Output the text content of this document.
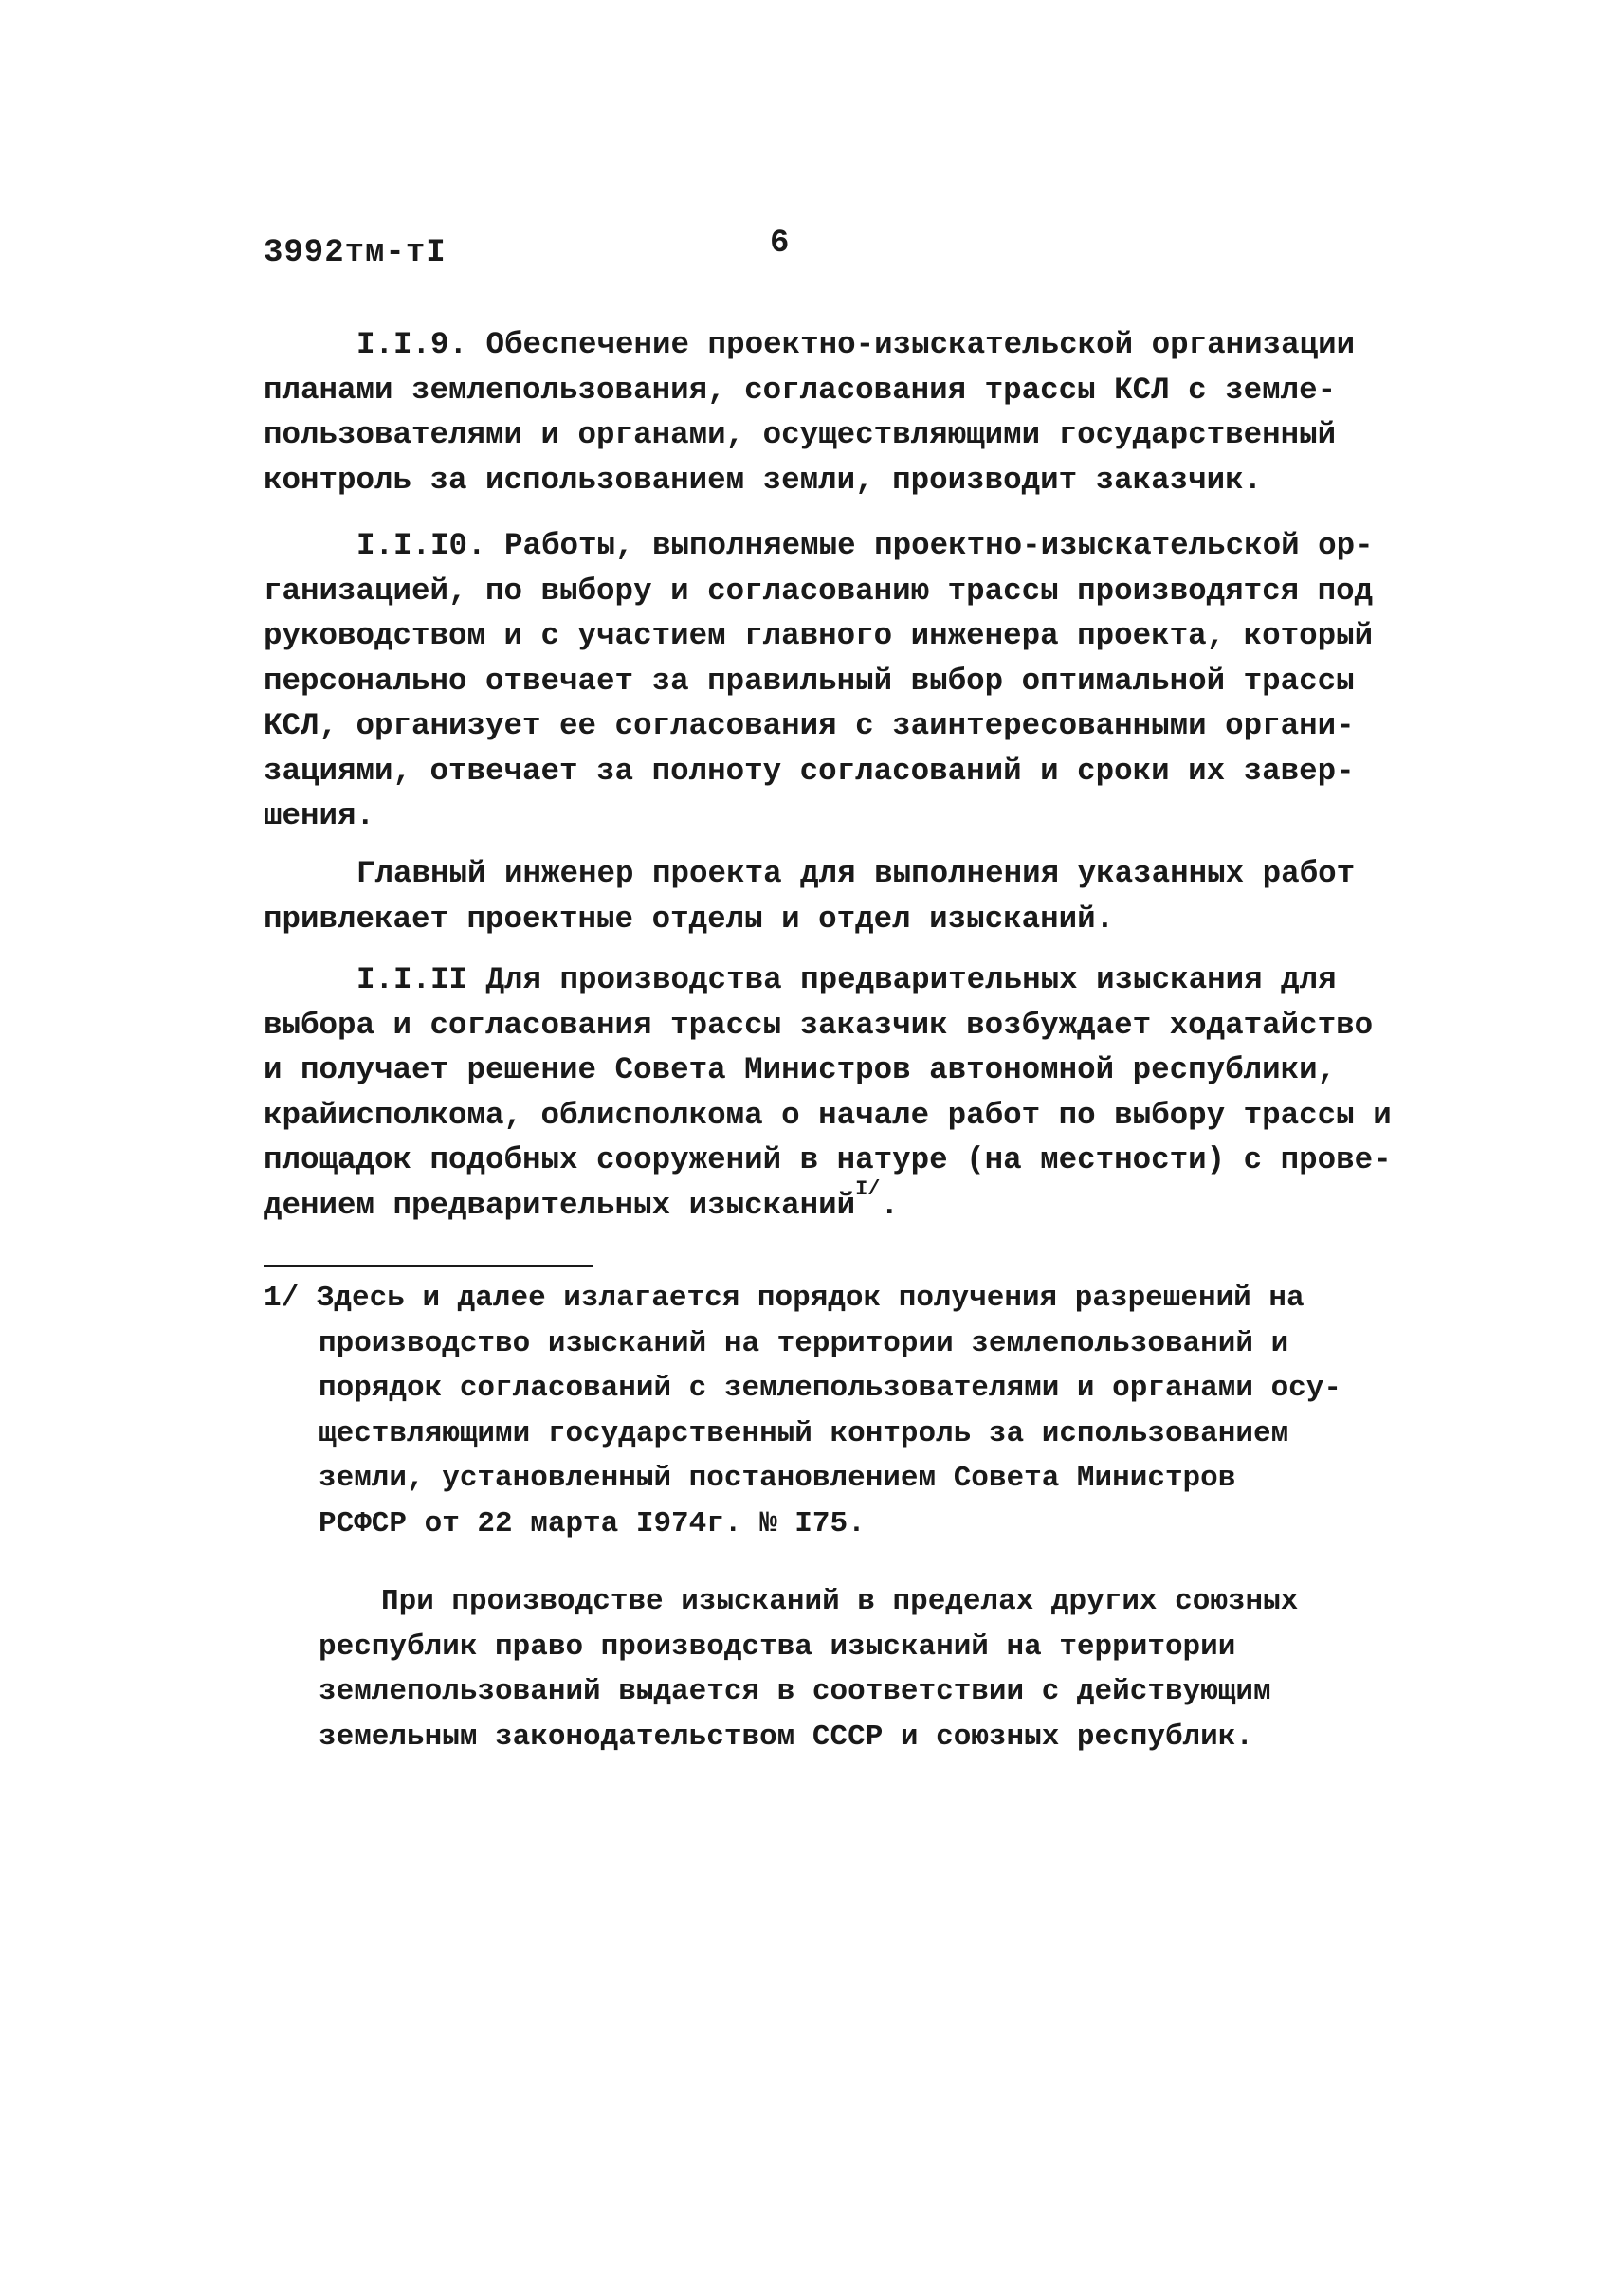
3992тм-тI	6
I.I.9. Обеспечение проектно-изыскательской организации
планами землепользования, согласования трассы КСЛ с земле-
пользователями и органами, осуществляющими государственный
контроль за использованием земли, производит заказчик.
I.I.I0. Работы, выполняемые проектно-изыскательской ор-
ганизацией, по выбору и согласованию трассы производятся под
руководством и с участием главного инженера проекта, который
персонально отвечает за правильный выбор оптимальной трассы
КСЛ, организует ее согласования с заинтересованными органи-
зациями, отвечает за полноту согласований и сроки их завер-
шения.
Главный инженер проекта для выполнения указанных работ
привлекает проектные отделы и отдел изысканий.
I.I.II Для производства предварительных изыскания для
выбора и согласования трассы заказчик возбуждает ходатайство
и получает решение Совета Министров автономной республики,
крайисполкома, облисполкома о начале работ по выбору трассы и
площадок подобных сооружений в натуре (на местности) с прове-
дением предварительных изысканий$^{I/}$.
1/ Здесь и далее излагается порядок получения разрешений на
производство изысканий на территории землепользований и
порядок согласований с землепользователями и органами осу-
ществляющими государственный контроль за использованием
земли, установленный постановлением Совета Министров
РСФСР от 22 марта I974г. № I75.
При производстве изысканий в пределах других союзных
республик право производства изысканий на территории
землепользований выдается в соответствии с действующим
земельным законодательством СССР и союзных республик.
